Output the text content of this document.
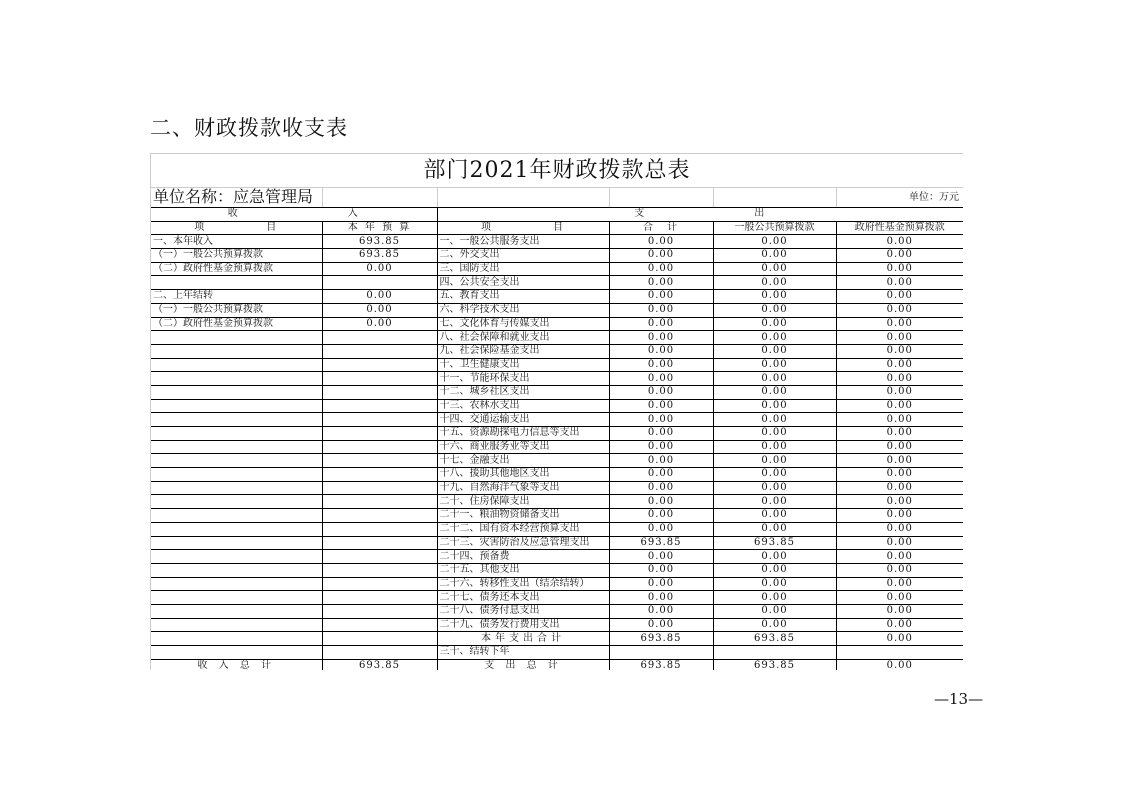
二、财政拨款收支表
部门2021年财政拨款总表
单位名称：应急管理局	单位：万元
收　　　　　　　　　入		支　　　　　　　　　出			
项　　　　　目	本 年 预 算	项　　　　　目	合　计	一般公共预算拨款	政府性基金预算拨款
一、本年收入	693.85	一、一般公共服务支出	0.00	0.00	0.00
（一）一般公共预算拨款	693.85	二、外交支出	0.00	0.00	0.00
（二）政府性基金预算拨款	0.00	三、国防支出	0.00	0.00	0.00
		四、公共安全支出	0.00	0.00	0.00
二、上年结转	0.00	五、教育支出	0.00	0.00	0.00
（一）一般公共预算拨款	0.00	六、科学技术支出	0.00	0.00	0.00
（二）政府性基金预算拨款	0.00	七、文化体育与传媒支出	0.00	0.00	0.00
		八、社会保障和就业支出	0.00	0.00	0.00
		九、社会保险基金支出	0.00	0.00	0.00
		十、卫生健康支出	0.00	0.00	0.00
		十一、节能环保支出	0.00	0.00	0.00
		十二、城乡社区支出	0.00	0.00	0.00
		十三、农林水支出	0.00	0.00	0.00
		十四、交通运输支出	0.00	0.00	0.00
		十五、资源勘探电力信息等支出	0.00	0.00	0.00
		十六、商业服务业等支出	0.00	0.00	0.00
		十七、金融支出	0.00	0.00	0.00
		十八、援助其他地区支出	0.00	0.00	0.00
		十九、自然海洋气象等支出	0.00	0.00	0.00
		二十、住房保障支出	0.00	0.00	0.00
		二十一、粮油物资储备支出	0.00	0.00	0.00
		二十二、国有资本经营预算支出	0.00	0.00	0.00
		二十三、灾害防治及应急管理支出	693.85	693.85	0.00
		二十四、预备费	0.00	0.00	0.00
		二十五、其他支出	0.00	0.00	0.00
		二十六、转移性支出（结余结转）	0.00	0.00	0.00
		二十七、债务还本支出	0.00	0.00	0.00
		二十八、债务付息支出	0.00	0.00	0.00
		二十九、债务发行费用支出	0.00	0.00	0.00
		本年支出合计	693.85	693.85	0.00
		三十、结转下年			
收 入 总 计	693.85	支 出 总 计	693.85	693.85	0.00
—13—
